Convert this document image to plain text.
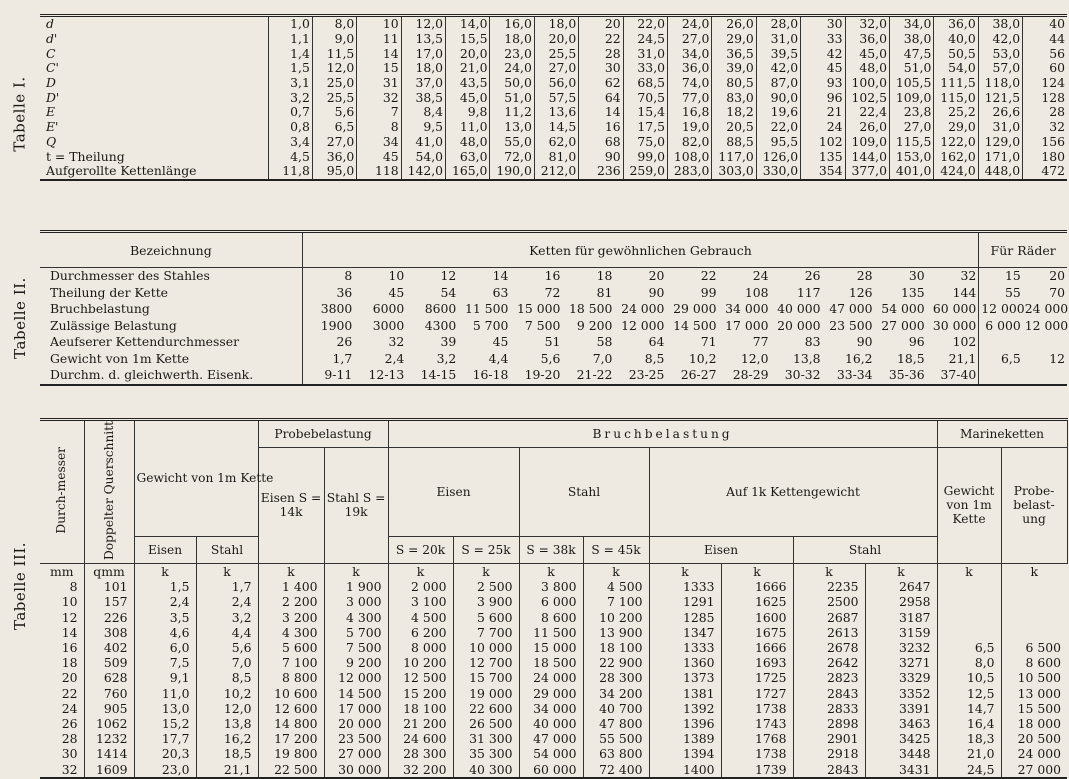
Tabelle I.
d	1,0	8,0	10	12,0	14,0	16,0	18,0	20	22,0	24,0	26,0	28,0	30	32,0	34,0	36,0	38,0	40
d'	1,1	9,0	11	13,5	15,5	18,0	20,0	22	24,5	27,0	29,0	31,0	33	36,0	38,0	40,0	42,0	44
C	1,4	11,5	14	17,0	20,0	23,0	25,5	28	31,0	34,0	36,5	39,5	42	45,0	47,5	50,5	53,0	56
C'	1,5	12,0	15	18,0	21,0	24,0	27,0	30	33,0	36,0	39,0	42,0	45	48,0	51,0	54,0	57,0	60
D	3,1	25,0	31	37,0	43,5	50,0	56,0	62	68,5	74,0	80,5	87,0	93	100,0	105,5	111,5	118,0	124
D'	3,2	25,5	32	38,5	45,0	51,0	57,5	64	70,5	77,0	83,0	90,0	96	102,5	109,0	115,0	121,5	128
E	0,7	5,6	7	8,4	9,8	11,2	13,6	14	15,4	16,8	18,2	19,6	21	22,4	23,8	25,2	26,6	28
E'	0,8	6,5	8	9,5	11,0	13,0	14,5	16	17,5	19,0	20,5	22,0	24	26,0	27,0	29,0	31,0	32
Q	3,4	27,0	34	41,0	48,0	55,0	62,0	68	75,0	82,0	88,5	95,5	102	109,0	115,5	122,0	129,0	156
t = Theilung	4,5	36,0	45	54,0	63,0	72,0	81,0	90	99,0	108,0	117,0	126,0	135	144,0	153,0	162,0	171,0	180
Aufgerollte Kettenlänge	11,8	95,0	118	142,0	165,0	190,0	212,0	236	259,0	283,0	303,0	330,0	354	377,0	401,0	424,0	448,0	472
Tabelle II.
Bezeichnung	Ketten für gewöhnlichen Gebrauch													Für Räder	
Durchmesser des Stahles	8	10	12	14	16	18	20	22	24	26	28	30	32	15	20
Theilung der Kette	36	45	54	63	72	81	90	99	108	117	126	135	144	55	70
Bruchbelastung	3800	6000	8600	11 500	15 000	18 500	24 000	29 000	34 000	40 000	47 000	54 000	60 000	12 000	24 000
Zulässige Belastung	1900	3000	4300	5 700	7 500	9 200	12 000	14 500	17 000	20 000	23 500	27 000	30 000	6 000	12 000
Aeufserer Kettendurchmesser	26	32	39	45	51	58	64	71	77	83	90	96	102		
Gewicht von 1m Kette	1,7	2,4	3,2	4,4	5,6	7,0	8,5	10,2	12,0	13,8	16,2	18,5	21,1	6,5	12
Durchm. d. gleichwerth. Eisenk.	9-11	12-13	14-15	16-18	19-20	21-22	23-25	26-27	28-29	30-32	33-34	35-36	37-40		
Tabelle III.
Durch-messer	Doppelter Querschnitt	Gewicht von 1m Kette		Probebelastung		Bruchbelastung								Marineketten	
				Eisen S = 14k	Stahl S = 19k	Eisen		Stahl		Auf 1k Kettengewicht				Gewicht von 1m Kette	Probe-belast-ung
		Eisen	Stahl			S = 20k	S = 25k	S = 38k	S = 45k	Eisen		Stahl			
mm	qmm	k	k	k	k	k	k	k	k	k	k	k	k	k	k
8	101	1,5	1,7	1 400	1 900	2 000	2 500	3 800	4 500	1333	1666	2235	2647		
10	157	2,4	2,4	2 200	3 000	3 100	3 900	6 000	7 100	1291	1625	2500	2958		
12	226	3,5	3,2	3 200	4 300	4 500	5 600	8 600	10 200	1285	1600	2687	3187		
14	308	4,6	4,4	4 300	5 700	6 200	7 700	11 500	13 900	1347	1675	2613	3159		
16	402	6,0	5,6	5 600	7 500	8 000	10 000	15 000	18 100	1333	1666	2678	3232	6,5	6 500
18	509	7,5	7,0	7 100	9 200	10 200	12 700	18 500	22 900	1360	1693	2642	3271	8,0	8 600
20	628	9,1	8,5	8 800	12 000	12 500	15 700	24 000	28 300	1373	1725	2823	3329	10,5	10 500
22	760	11,0	10,2	10 600	14 500	15 200	19 000	29 000	34 200	1381	1727	2843	3352	12,5	13 000
24	905	13,0	12,0	12 600	17 000	18 100	22 600	34 000	40 700	1392	1738	2833	3391	14,7	15 500
26	1062	15,2	13,8	14 800	20 000	21 200	26 500	40 000	47 800	1396	1743	2898	3463	16,4	18 000
28	1232	17,7	16,2	17 200	23 500	24 600	31 300	47 000	55 500	1389	1768	2901	3425	18,3	20 500
30	1414	20,3	18,5	19 800	27 000	28 300	35 300	54 000	63 800	1394	1738	2918	3448	21,0	24 000
32	1609	23,0	21,1	22 500	30 000	32 200	40 300	60 000	72 400	1400	1739	2843	3431	24,5	27 000
